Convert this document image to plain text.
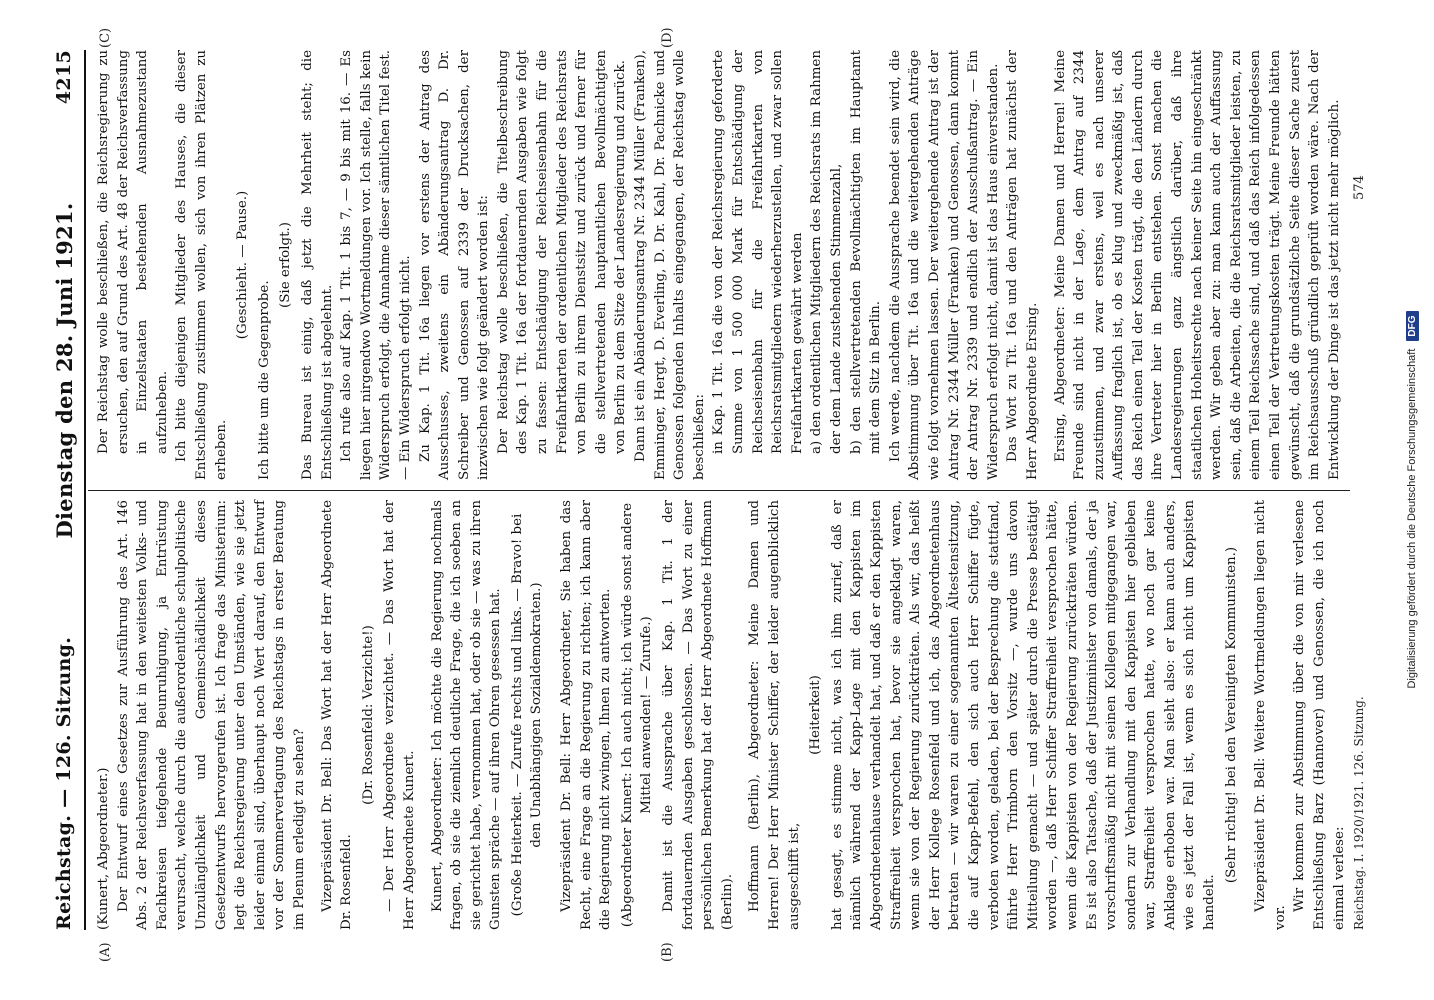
Reichstag. — 126. Sitzung.
Dienstag den 28. Juni 1921.
4215
(A)	(B)
(C)	(D)

(Kunert, Abgeordneter.) Der Entwurf eines Gesetzes zur Ausführung des Art. 146 Abs. 2 der Reichsverfassung hat in den weitesten Volks- und Fachkreisen tiefgehende Beunruhigung, ja Entrüstung verursacht, welche durch die außerordentliche schulpolitische Unzulänglichkeit und Gemeinschädlichkeit dieses Gesetzentwurfs hervorgerufen ist. Ich frage das Ministerium: legt die Reichsregierung unter den Umständen, wie sie jetzt leider einmal sind, überhaupt noch Wert darauf, den Entwurf vor der Sommervertagung des Reichstags in erster Beratung im Plenum erledigt zu sehen? Vizepräsident Dr. Bell: Das Wort hat der Herr Abgeordnete Dr. Rosenfeld.

(Dr. Rosenfeld: Verzichte!) — Der Herr Abgeordnete verzichtet. — Das Wort hat der Herr Abgeordnete Kunert. Kunert, Abgeordneter: Ich möchte die Regierung nochmals fragen, ob sie die ziemlich deutliche Frage, die ich soeben an sie gerichtet habe, vernommen hat, oder ob sie — was zu ihren Gunsten spräche — auf ihren Ohren gesessen hat. (Große Heiterkeit. — Zurufe rechts und links. — Bravo! bei den Unabhängigen Sozialdemokraten.) Vizepräsident Dr. Bell: Herr Abgeordneter, Sie haben das Recht, eine Frage an die Regierung zu richten; ich kann aber die Regierung nicht zwingen, Ihnen zu antworten. (Abgeordneter Kunert: Ich auch nicht; ich würde sonst andere Mittel anwenden! — Zurufe.) Damit ist die Aussprache über Kap. 1 Tit. 1 der fortdauernden Ausgaben geschlossen. — Das Wort zu einer persönlichen Bemerkung hat der Herr Abgeordnete Hoffmann (Berlin). Hoffmann (Berlin), Abgeordneter: Meine Damen und Herren! Der Herr Minister Schiffer, der leider augenblicklich ausgeschifft ist,

(Heiterkeit) hat gesagt, es stimme nicht, was ich ihm zurief, daß er nämlich während der Kapp-Lage mit den Kappisten im Abgeordnetenhause verhandelt hat, und daß er den Kappisten Straffreiheit versprochen hat, bevor sie angeklagt waren, wenn sie von der Regierung zurückträten. Als wir, das heißt der Herr Kollege Rosenfeld und ich, das Abgeordnetenhaus betraten — wir waren zu einer sogenannten Ältestensitzung, die auf Kapp-Befehl, den sich auch Herr Schiffer fügte, verboten worden, geladen, bei der Besprechung die stattfand, führte Herr Trimborn den Vorsitz —, wurde uns davon Mitteilung gemacht — und später durch die Presse bestätigt worden —, daß Herr Schiffer Straffreiheit versprochen hätte, wenn die Kappisten von der Regierung zurückträten würden. Es ist also Tatsache, daß der Justizminister von damals, der ja vorschriftsmäßig nicht mit seinen Kollegen mitgegangen war, sondern zur Verhandlung mit den Kappisten hier geblieben war, Straffreiheit versprochen hatte, wo noch gar keine Anklage erhoben war. Man sieht also: er kann auch anders, wie es jetzt der Fall ist, wenn es sich nicht um Kappisten handelt.

(Sehr richtig! bei den Vereinigten Kommunisten.) Vizepräsident Dr. Bell: Weitere Wortmeldungen liegen nicht vor.

Wir kommen zur Abstimmung über die von mir verlesene Entschließung Barz (Hannover) und Genossen, die ich noch einmal verlese:

Der Reichstag wolle beschließen, die Reichsregierung zu ersuchen, den auf Grund des Art. 48 der Reichsverfassung in Einzelstaaten bestehenden Ausnahmezustand aufzuheben. Ich bitte diejenigen Mitglieder des Hauses, die dieser Entschließung zustimmen wollen, sich von ihren Plätzen zu erheben.

(Geschieht. — Pause.)

Ich bitte um die Gegenprobe.

(Sie erfolgt.) Das Bureau ist einig, daß jetzt die Mehrheit steht; die Entschließung ist abgelehnt. Ich rufe also auf Kap. 1 Tit. 1 bis 7, — 9 bis mit 16. — Es liegen hier nirgendwo Wortmeldungen vor. Ich stelle, falls kein Widerspruch erfolgt, die Annahme dieser sämtlichen Titel fest. — Ein Widerspruch erfolgt nicht. Zu Kap. 1 Tit. 16a liegen vor erstens der Antrag des Ausschusses, zweitens ein Abänderungsantrag D. Dr. Schreiber und Genossen auf 2339 der Drucksachen, der inzwischen wie folgt geändert worden ist: Der Reichstag wolle beschließen, die Titelbeschreibung des Kap. 1 Tit. 16a der fortdauernden Ausgaben wie folgt zu fassen: Entschädigung der Reichseisenbahn für die Freifahrtkarten der ordentlichen Mitglieder des Reichsrats von Berlin zu ihrem Dienstsitz und zurück und ferner für die stellvertretenden hauptamtlichen Bevollmächtigten von Berlin zu dem Sitze der Landesregierung und zurück. Dann ist ein Abänderungsantrag Nr. 2344 Müller (Franken), Emminger, Hergt, D. Everling, D. Dr. Kahl, Dr. Pachnicke und Genossen folgenden Inhalts eingegangen, der Reichstag wolle beschließen: in Kap. 1 Tit. 16a die von der Reichsregierung geforderte Summe von 1 500 000 Mark für Entschädigung der Reichseisenbahn für die Freifahrtkarten von Reichsratsmitgliedern wiederherzustellen, und zwar sollen Freifahrtkarten gewährt werden a) den ordentlichen Mitgliedern des Reichsrats im Rahmen der dem Lande zustehenden Stimmenzahl, b) den stellvertretenden Bevollmächtigten im Hauptamt mit dem Sitz in Berlin. Ich werde, nachdem die Aussprache beendet sein wird, die Abstimmung über Tit. 16a und die weitergehenden Anträge wie folgt vornehmen lassen. Der weitergehende Antrag ist der Antrag Nr. 2344 Müller (Franken) und Genossen, dann kommt der Antrag Nr. 2339 und endlich der Ausschußantrag. — Ein Widerspruch erfolgt nicht, damit ist das Haus einverstanden. Das Wort zu Tit. 16a und den Anträgen hat zunächst der Herr Abgeordnete Ersing. Ersing, Abgeordneter: Meine Damen und Herren! Meine Freunde sind nicht in der Lage, dem Antrag auf 2344 zuzustimmen, und zwar erstens, weil es nach unserer Auffassung fraglich ist, ob es klug und zweckmäßig ist, daß das Reich einen Teil der Kosten trägt, die den Ländern durch ihre Vertreter hier in Berlin entstehen. Sonst machen die Landesregierungen ganz ängstlich darüber, daß ihre staatlichen Hoheitsrechte nach keiner Seite hin eingeschränkt werden. Wir geben aber zu: man kann auch der Auffassung sein, daß die Arbeiten, die die Reichsratsmitglieder leisten, zu einem Teil Reichssache sind, und daß das Reich infolgedessen einen Teil der Vertretungskosten trägt. Meine Freunde hätten gewünscht, daß die grundsätzliche Seite dieser Sache zuerst im Reichsausschuß gründlich geprüft worden wäre. Nach der Entwicklung der Dinge ist das jetzt nicht mehr möglich.

Reichstag. I. 1920/1921. 126. Sitzung.
574
Digitalisierung gefördert durch die Deutsche Forschungsgemeinschaft
DFG
